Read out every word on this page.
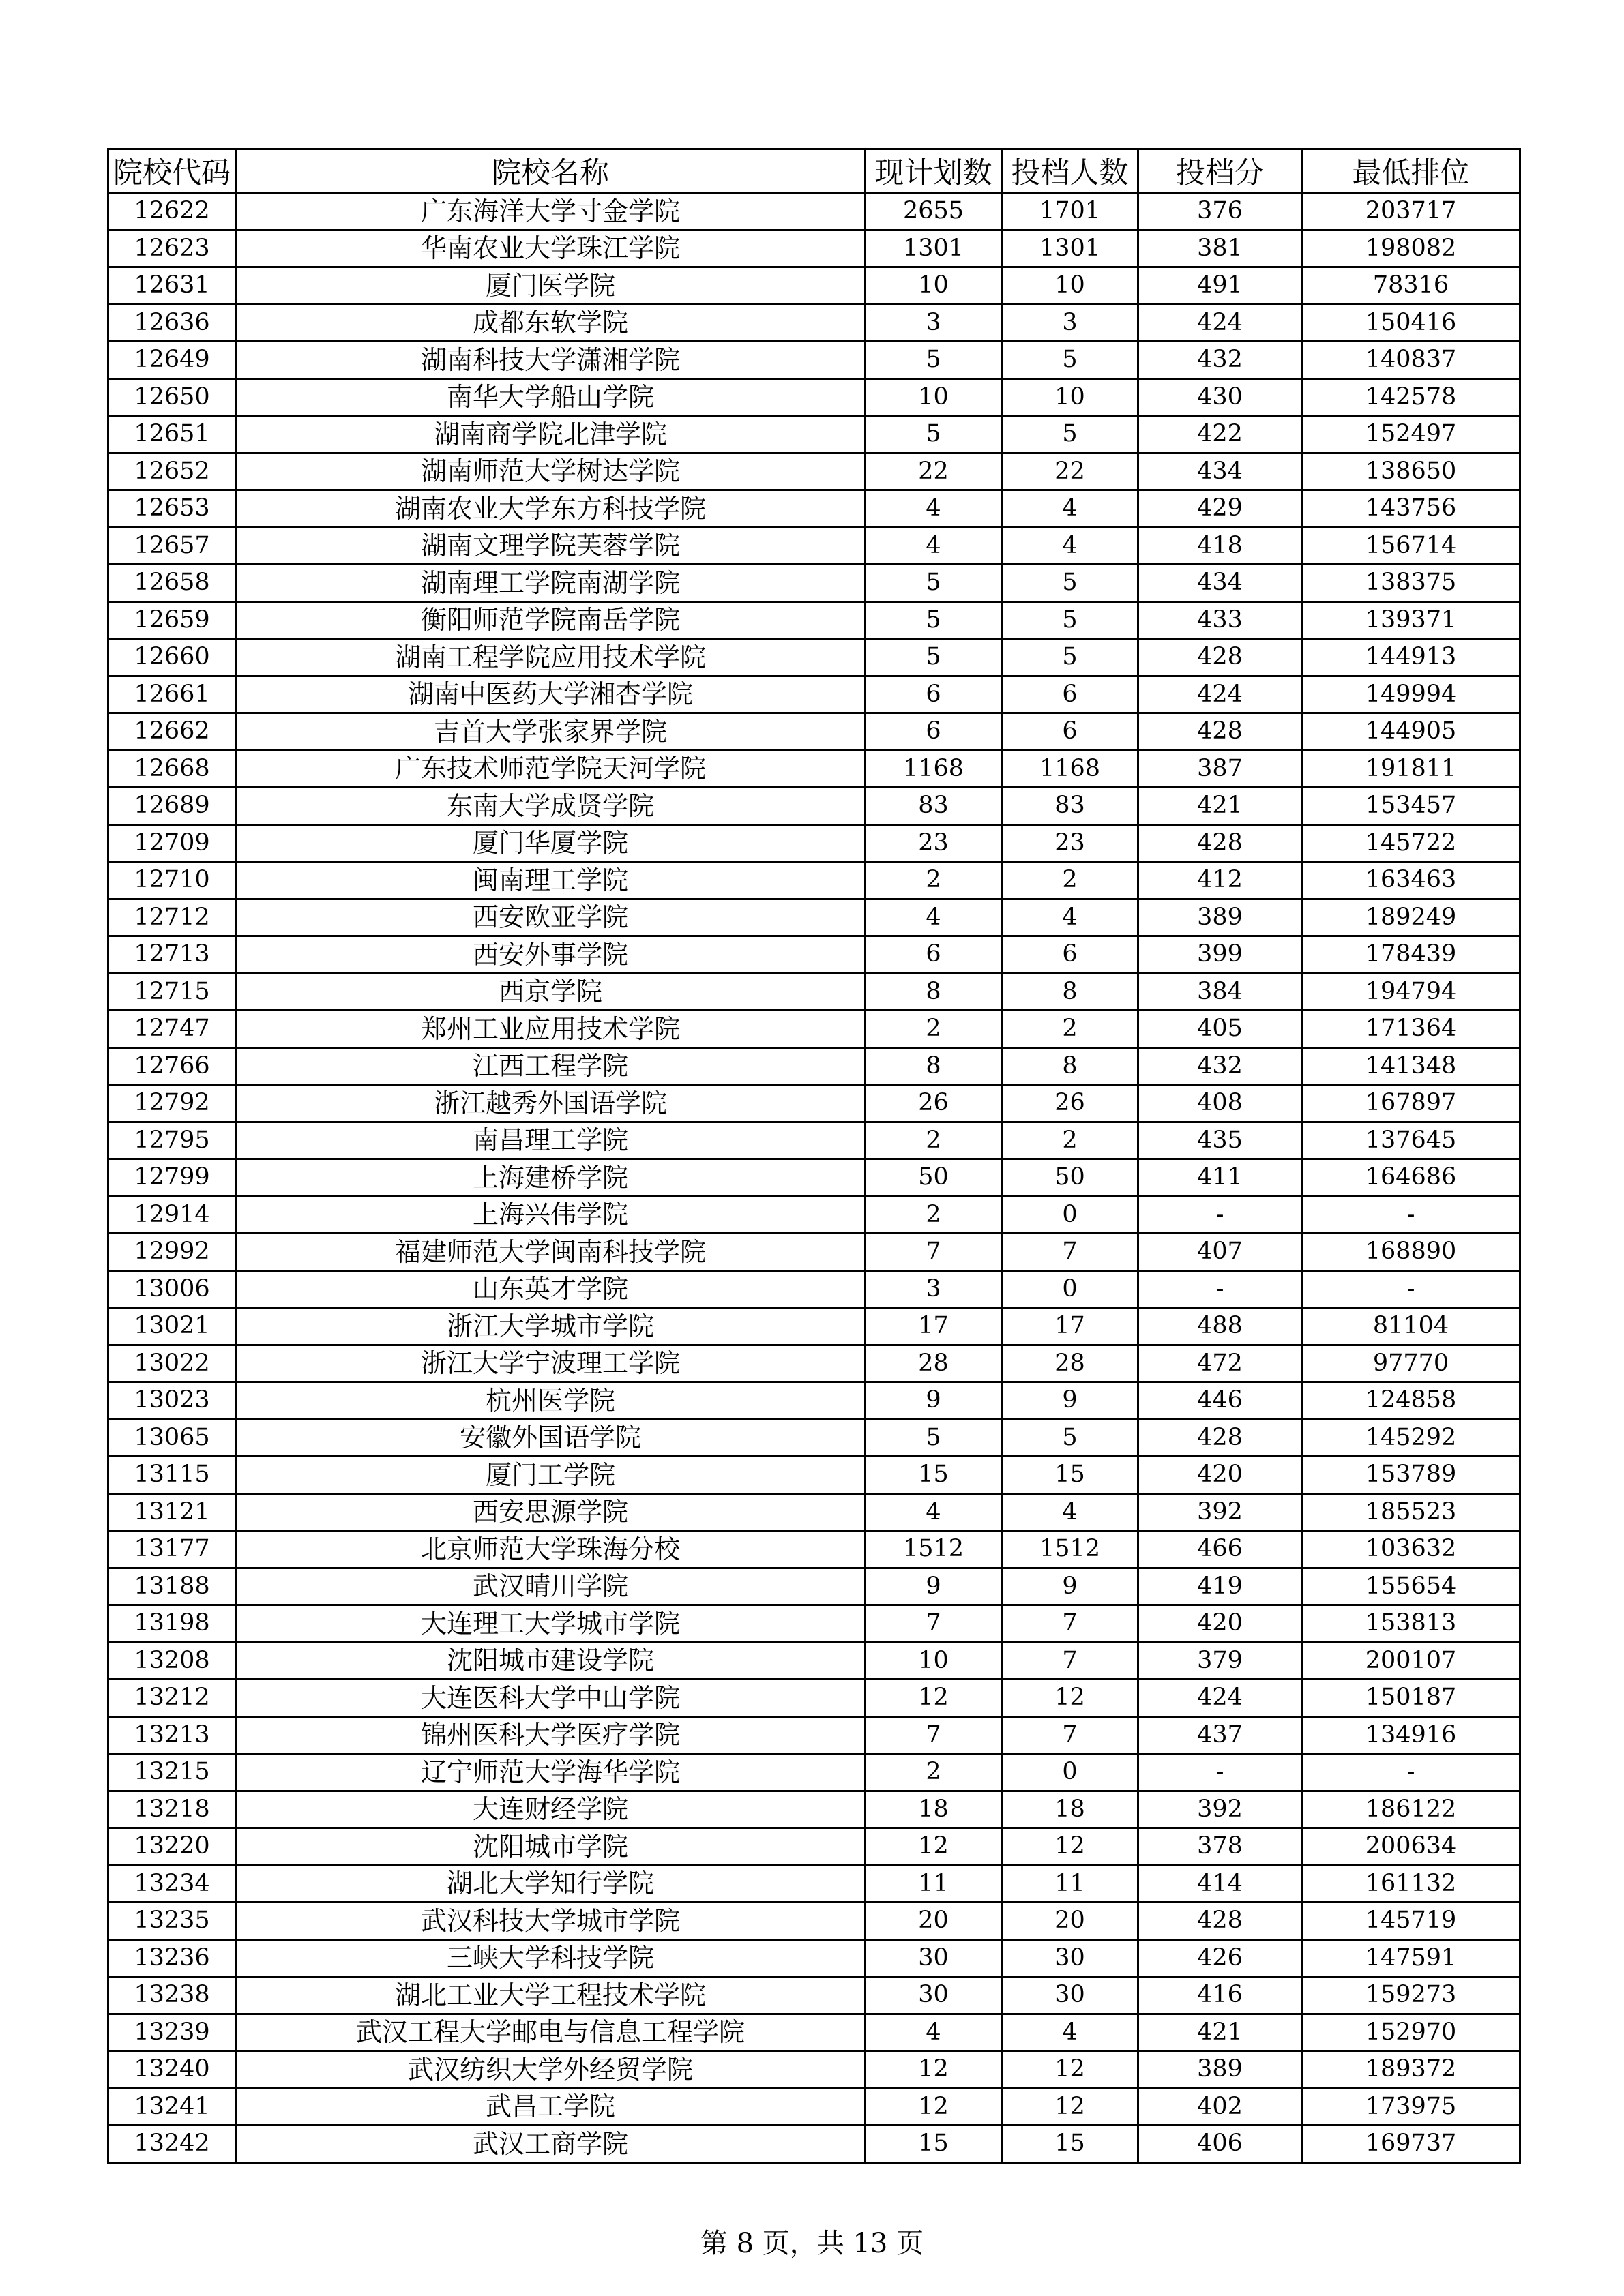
院校代码	院校名称	现计划数	投档人数	投档分	最低排位
12622	广东海洋大学寸金学院	2655	1701	376	203717
12623	华南农业大学珠江学院	1301	1301	381	198082
12631	厦门医学院	10	10	491	78316
12636	成都东软学院	3	3	424	150416
12649	湖南科技大学潇湘学院	5	5	432	140837
12650	南华大学船山学院	10	10	430	142578
12651	湖南商学院北津学院	5	5	422	152497
12652	湖南师范大学树达学院	22	22	434	138650
12653	湖南农业大学东方科技学院	4	4	429	143756
12657	湖南文理学院芙蓉学院	4	4	418	156714
12658	湖南理工学院南湖学院	5	5	434	138375
12659	衡阳师范学院南岳学院	5	5	433	139371
12660	湖南工程学院应用技术学院	5	5	428	144913
12661	湖南中医药大学湘杏学院	6	6	424	149994
12662	吉首大学张家界学院	6	6	428	144905
12668	广东技术师范学院天河学院	1168	1168	387	191811
12689	东南大学成贤学院	83	83	421	153457
12709	厦门华厦学院	23	23	428	145722
12710	闽南理工学院	2	2	412	163463
12712	西安欧亚学院	4	4	389	189249
12713	西安外事学院	6	6	399	178439
12715	西京学院	8	8	384	194794
12747	郑州工业应用技术学院	2	2	405	171364
12766	江西工程学院	8	8	432	141348
12792	浙江越秀外国语学院	26	26	408	167897
12795	南昌理工学院	2	2	435	137645
12799	上海建桥学院	50	50	411	164686
12914	上海兴伟学院	2	0	-	-
12992	福建师范大学闽南科技学院	7	7	407	168890
13006	山东英才学院	3	0	-	-
13021	浙江大学城市学院	17	17	488	81104
13022	浙江大学宁波理工学院	28	28	472	97770
13023	杭州医学院	9	9	446	124858
13065	安徽外国语学院	5	5	428	145292
13115	厦门工学院	15	15	420	153789
13121	西安思源学院	4	4	392	185523
13177	北京师范大学珠海分校	1512	1512	466	103632
13188	武汉晴川学院	9	9	419	155654
13198	大连理工大学城市学院	7	7	420	153813
13208	沈阳城市建设学院	10	7	379	200107
13212	大连医科大学中山学院	12	12	424	150187
13213	锦州医科大学医疗学院	7	7	437	134916
13215	辽宁师范大学海华学院	2	0	-	-
13218	大连财经学院	18	18	392	186122
13220	沈阳城市学院	12	12	378	200634
13234	湖北大学知行学院	11	11	414	161132
13235	武汉科技大学城市学院	20	20	428	145719
13236	三峡大学科技学院	30	30	426	147591
13238	湖北工业大学工程技术学院	30	30	416	159273
13239	武汉工程大学邮电与信息工程学院	4	4	421	152970
13240	武汉纺织大学外经贸学院	12	12	389	189372
13241	武昌工学院	12	12	402	173975
13242	武汉工商学院	15	15	406	169737
第 8 页，共 13 页
